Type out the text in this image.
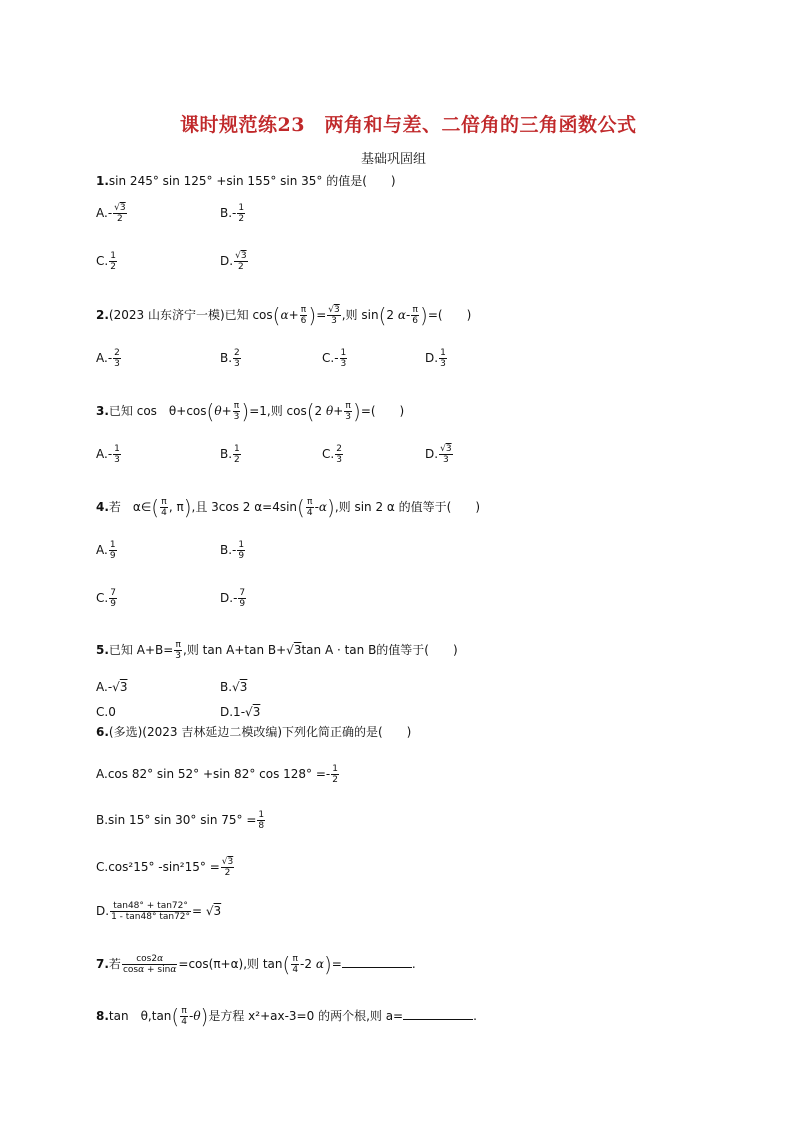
课时规范练23　两角和与差、二倍角的三角函数公式
基础巩固组
1.sin 245° sin 125° +sin 155° sin 35° 的值是(　　)
$A.- \frac{√3}{2}$	$B.- \frac{1}{2}$
C. $\frac{1}{2}$	D. $\frac{√3}{2}$
2.(2023 山东济宁一模)已知 $\cos(\alpha+ \frac{\pi}{6}$ )= $\frac{√3}{3}$ ,则 sin(2 $\alpha- \frac{\pi}{6}$ )=(　　)
$A.- \frac{2}{3}$	B. $\frac{2}{3}$	$C.- \frac{1}{3}$	D. $\frac{1}{3}$
3.已知 cos　$\theta+\cos(\theta+ \frac{\pi}{3} )=1$,则 cos(2 $\theta+ \frac{\pi}{3}$ )=(　　)
$A.- \frac{1}{3}$	B. $\frac{1}{2}$	C. $\frac{2}{3}$	D. $\frac{√3}{3}$
4.若　α∈( $\frac{\pi}{4}$ , π),且 3cos 2 $\alpha=4\sin( \frac{\pi}{4} -\alpha)$,则 sin 2 α 的值等于(　　)
A. $\frac{1}{9}$	$B.- \frac{1}{9}$
C. $\frac{7}{9}$	$D.- \frac{7}{9}$
5.已知 $A+B= \frac{\pi}{3}$ ,则 tan A+tan B+√3tan A · tan B的值等于(　　)
A.-√3	B.√3
C.0	D.1-√3
6.(多选)(2023 吉林延边二模改编)下列化简正确的是(　　)
A.cos 82° sin 52° +sin 82° $\cos 128^\circ =- \frac{1}{2}$
B.sin 15° sin 30° $\sin 75^\circ = \frac{1}{8}$
C.cos²15° $-\sin^215^\circ = \frac{√3}{2}$
D. $\frac{\tan 48^\circ + \tan 72^\circ}{1 - \tan 48^\circ \tan 72^\circ} = √3$
7.若 $\frac{\cos 2\alpha}{\cos\alpha + \sin\alpha} =\cos(\pi+\alpha)$,则 $\tan( \frac{\pi}{4} -2$ α)=	.
8.tan　$\theta,\tan( \frac{\pi}{4} -\theta)$是方程 x²+ax-3=0 的两个根,则 a=	.
